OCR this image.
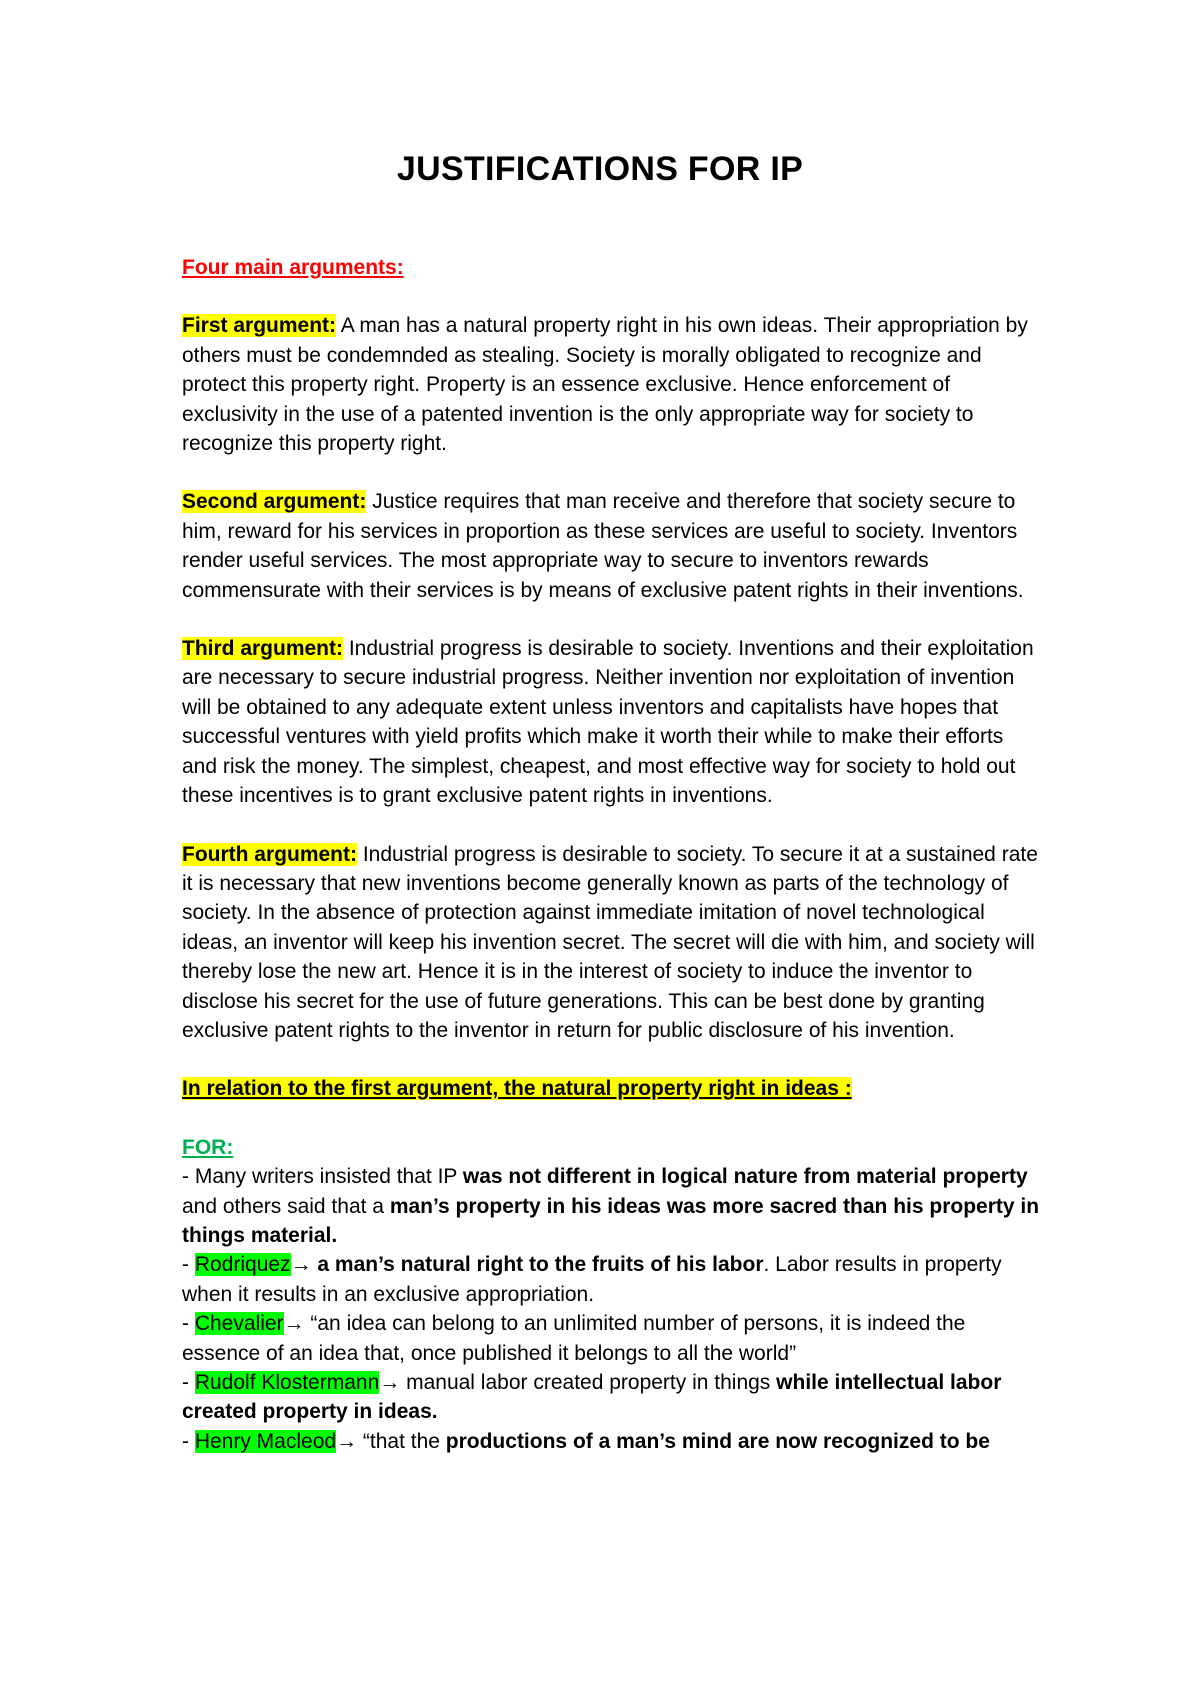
JUSTIFICATIONS FOR IP

Four main arguments:

First argument: A man has a natural property right in his own ideas. Their appropriation by others must be condemnded as stealing. Society is morally obligated to recognize and protect this property right. Property is an essence exclusive. Hence enforcement of exclusivity in the use of a patented invention is the only appropriate way for society to recognize this property right.

Second argument: Justice requires that man receive and therefore that society secure to him, reward for his services in proportion as these services are useful to society. Inventors render useful services. The most appropriate way to secure to inventors rewards commensurate with their services is by means of exclusive patent rights in their inventions.

Third argument: Industrial progress is desirable to society. Inventions and their exploitation are necessary to secure industrial progress. Neither invention nor exploitation of invention will be obtained to any adequate extent unless inventors and capitalists have hopes that successful ventures with yield profits which make it worth their while to make their efforts and risk the money. The simplest, cheapest, and most effective way for society to hold out these incentives is to grant exclusive patent rights in inventions.

Fourth argument: Industrial progress is desirable to society. To secure it at a sustained rate it is necessary that new inventions become generally known as parts of the technology of society. In the absence of protection against immediate imitation of novel technological ideas, an inventor will keep his invention secret. The secret will die with him, and society will thereby lose the new art. Hence it is in the interest of society to induce the inventor to disclose his secret for the use of future generations. This can be best done by granting exclusive patent rights to the inventor in return for public disclosure of his invention.

In relation to the first argument, the natural property right in ideas :

FOR:

- Many writers insisted that IP was not different in logical nature from material property and others said that a man’s property in his ideas was more sacred than his property in things material.

- Rodriquez→ a man’s natural right to the fruits of his labor. Labor results in property when it results in an exclusive appropriation.

- Chevalier→ “an idea can belong to an unlimited number of persons, it is indeed the essence of an idea that, once published it belongs to all the world”

- Rudolf Klostermann→ manual labor created property in things while intellectual labor created property in ideas.

- Henry Macleod→ “that the productions of a man’s mind are now recognized to be
